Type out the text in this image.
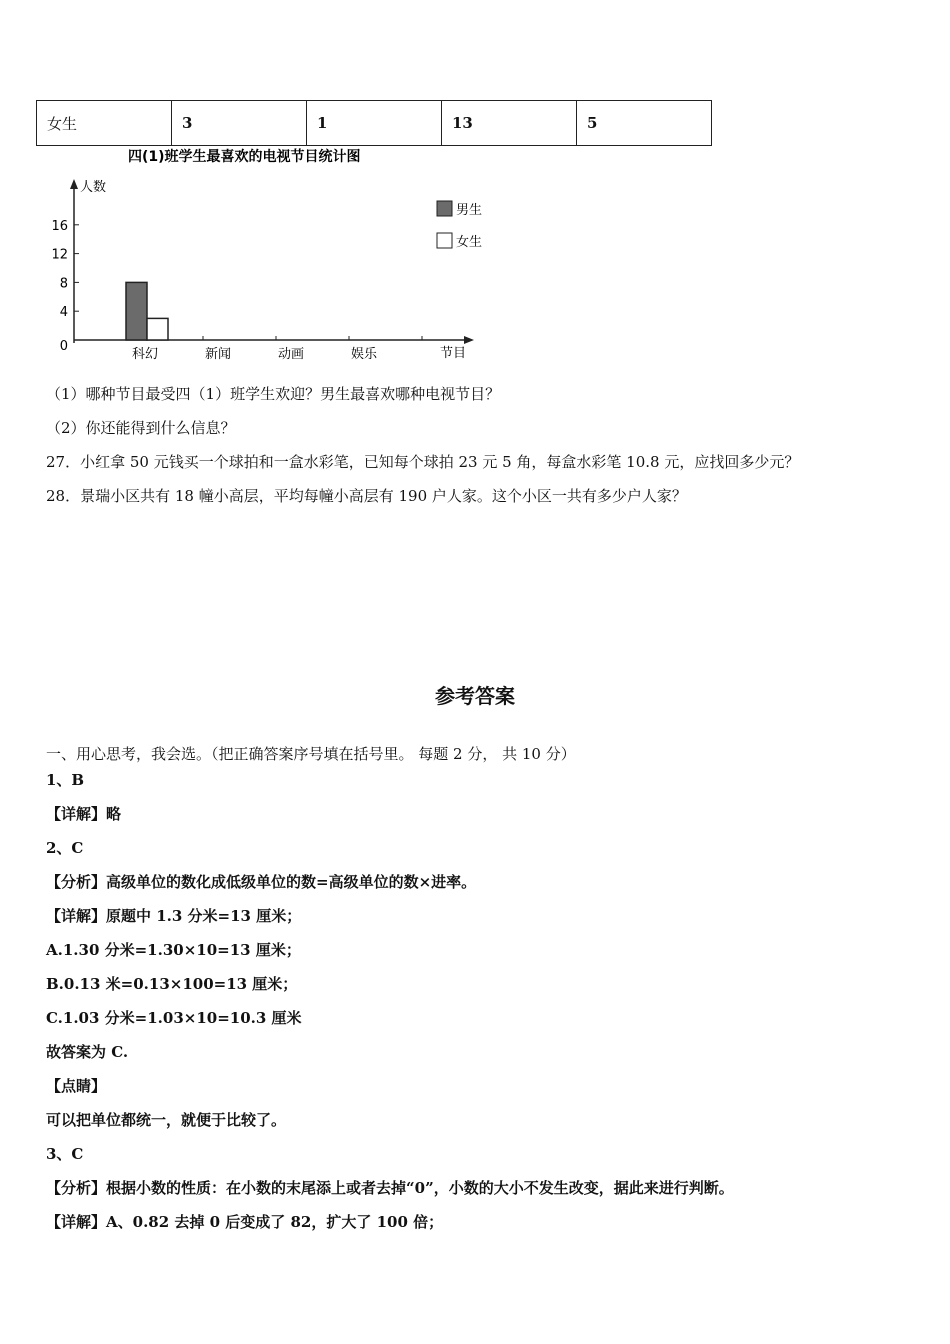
女生	3	1	13	5
四(1)班学生最喜欢的电视节目统计图
人数
节目
0
4
8
12
16
科幻	新闻	动画	娱乐
男生
女生
（1）哪种节目最受四（1）班学生欢迎？男生最喜欢哪种电视节目？
（2）你还能得到什么信息？
27．小红拿 50 元钱买一个球拍和一盒水彩笔，已知每个球拍 23 元 5 角，每盒水彩笔 10.8 元，应找回多少元？
28．景瑞小区共有 18 幢小高层，平均每幢小高层有 190 户人家。这个小区一共有多少户人家？
参考答案
一、用心思考，我会选。（把正确答案序号填在括号里。 每题 2 分， 共 10 分）
1、B
【详解】略
2、C
【分析】高级单位的数化成低级单位的数=高级单位的数×进率。
【详解】原题中 1.3 分米=13 厘米；
A.1.30 分米=1.30×10=13 厘米；
B.0.13 米=0.13×100=13 厘米；
C.1.03 分米=1.03×10=10.3 厘米
故答案为 C.
【点睛】
可以把单位都统一，就便于比较了。
3、C
【分析】根据小数的性质：在小数的末尾添上或者去掉“0”，小数的大小不发生改变，据此来进行判断。
【详解】A、0.82 去掉 0 后变成了 82，扩大了 100 倍；
